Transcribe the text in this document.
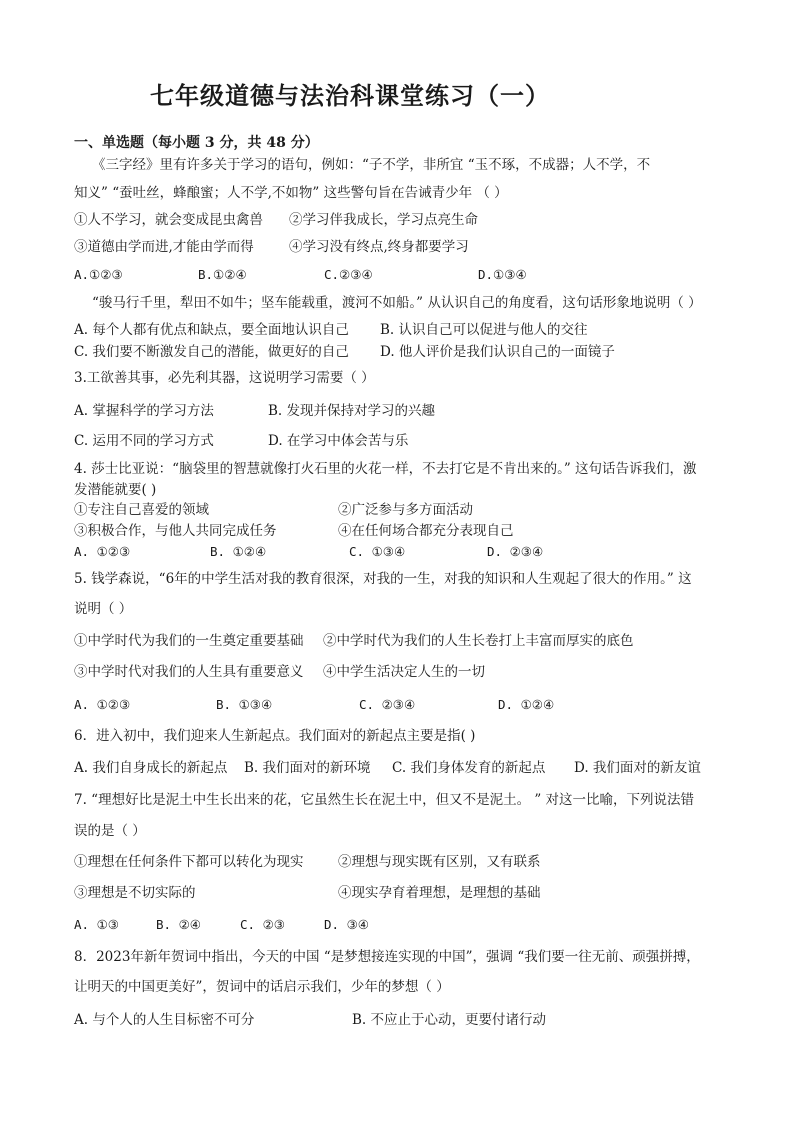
七年级道德与法治科课堂练习（一）
一、单选题（每小题 3 分，共 48 分）
《三字经》里有许多关于学习的语句，例如：“子不学，非所宜 “玉不琢，不成器；人不学，不
知义” “蚕吐丝，蜂酿蜜；人不学,不如物” 这些警句旨在告诫青少年 （ ）
①人不学习，就会变成昆虫禽兽 ②学习伴我成长，学习点亮生命
③道德由学而进,才能由学而得	④学习没有终点,终身都要学习
A.①②③	B.①②④	C.②③④	D.①③④
“骏马行千里，犁田不如牛；坚车能载重，渡河不如船。” 从认识自己的角度看，这句话形象地说明（ ）
A. 每个人都有优点和缺点，要全面地认识自己 B. 认识自己可以促进与他人的交往
C. 我们要不断激发自己的潜能，做更好的自己 D. 他人评价是我们认识自己的一面镜子
3.工欲善其事，必先利其器，这说明学习需要（ ）
A. 掌握科学的学习方法	B. 发现并保持对学习的兴趣
C. 运用不同的学习方式	D. 在学习中体会苦与乐
4. 莎士比亚说：“脑袋里的智慧就像打火石里的火花一样，不去打它是不肯出来的。” 这句话告诉我们，激
发潜能就要( )
①专注自己喜爱的领域	②广泛参与多方面活动
③积极合作，与他人共同完成任务	④在任何场合都充分表现自己
A. ①②③	B. ①②④	C. ①③④	D. ②③④
5. 钱学森说，“6年的中学生活对我的教育很深，对我的一生，对我的知识和人生观起了很大的作用。” 这
说明（ ）
①中学时代为我们的一生奠定重要基础 ②中学时代为我们的人生长卷打上丰富而厚实的底色
③中学时代对我们的人生具有重要意义 ④中学生活决定人生的一切
A. ①②③	B. ①③④	C. ②③④	D. ①②④
6．进入初中，我们迎来人生新起点。我们面对的新起点主要是指( )
A. 我们自身成长的新起点 B. 我们面对的新环境 C. 我们身体发育的新起点 D. 我们面对的新友谊
7. “理想好比是泥土中生长出来的花，它虽然生长在泥土中，但又不是泥土。 ” 对这一比喻，下列说法错
误的是（ ）
①理想在任何条件下都可以转化为现实	②理想与现实既有区别，又有联系
③理想是不切实际的	④现实孕育着理想，是理想的基础
A. ①③	B. ②④	C. ②③	D. ③④
8．2023年新年贺词中指出，今天的中国 “是梦想接连实现的中国”，强调 “我们要一往无前、顽强拼搏，
让明天的中国更美好”，贺词中的话启示我们，少年的梦想（ ）
A. 与个人的人生目标密不可分	B. 不应止于心动，更要付诸行动
